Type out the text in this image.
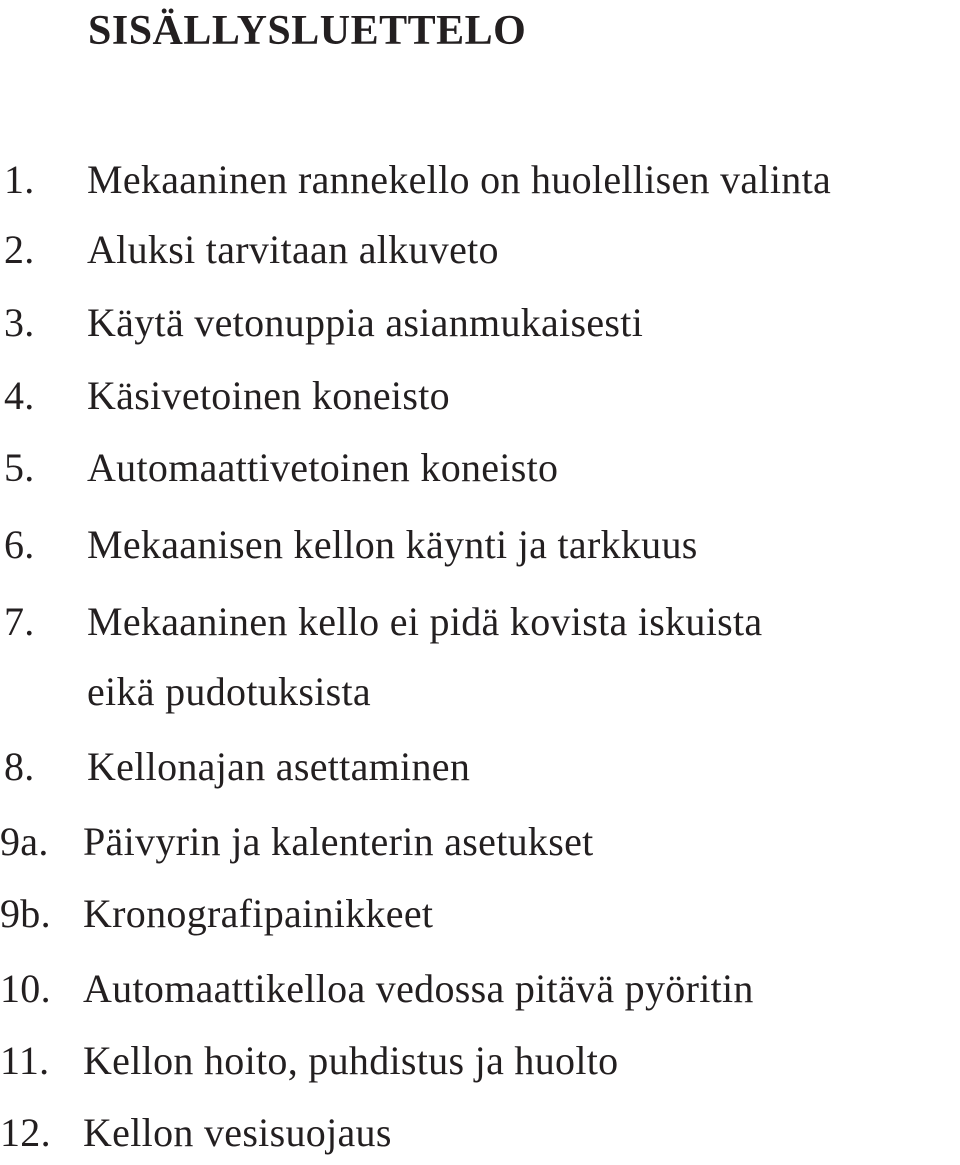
SISÄLLYSLUETTELO
1. Mekaaninen rannekello on huolellisen valinta
2. Aluksi tarvitaan alkuveto
3. Käytä vetonuppia asianmukaisesti
4. Käsivetoinen koneisto
5. Automaattivetoinen koneisto
6. Mekaanisen kellon käynti ja tarkkuus
7. Mekaaninen kello ei pidä kovista iskuista
eikä pudotuksista
8. Kellonajan asettaminen
9a. Päivyrin ja kalenterin asetukset
9b. Kronografipainikkeet
10. Automaattikelloa vedossa pitävä pyöritin
11. Kellon hoito, puhdistus ja huolto
12. Kellon vesisuojaus
